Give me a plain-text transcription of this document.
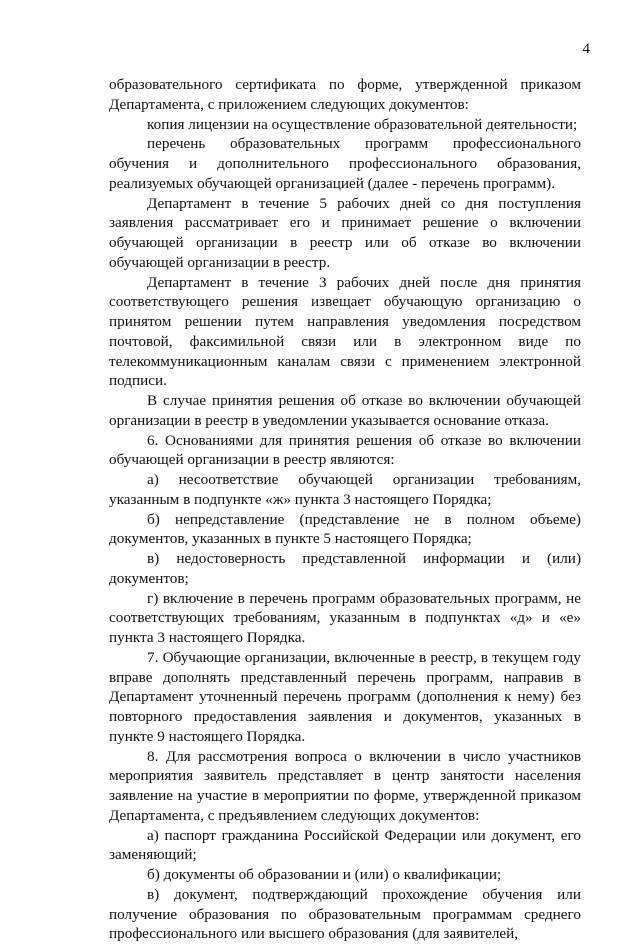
4

образовательного сертификата по форме, утвержденной приказом Департамента, с приложением следующих документов:

копия лицензии на осуществление образовательной деятельности;

перечень образовательных программ профессионального обучения и дополнительного профессионального образования, реализуемых обучающей организацией (далее - перечень программ).

Департамент в течение 5 рабочих дней со дня поступления заявления рассматривает его и принимает решение о включении обучающей организации в реестр или об отказе во включении обучающей организации в реестр.

Департамент в течение 3 рабочих дней после дня принятия соответствующего решения извещает обучающую организацию о принятом решении путем направления уведомления посредством почтовой, факсимильной связи или в электронном виде по телекоммуникационным каналам связи с применением электронной подписи.

В случае принятия решения об отказе во включении обучающей организации в реестр в уведомлении указывается основание отказа.

6. Основаниями для принятия решения об отказе во включении обучающей организации в реестр являются:

а) несоответствие обучающей организации требованиям, указанным в подпункте «ж» пункта 3 настоящего Порядка;

б) непредставление (представление не в полном объеме) документов, указанных в пункте 5 настоящего Порядка;

в) недостоверность представленной информации и (или) документов;

г) включение в перечень программ образовательных программ, не соответствующих требованиям, указанным в подпунктах «д» и «е» пункта 3 настоящего Порядка.

7. Обучающие организации, включенные в реестр, в текущем году вправе дополнять представленный перечень программ, направив в Департамент уточненный перечень программ (дополнения к нему) без повторного предоставления заявления и документов, указанных в пункте 9 настоящего Порядка.

8. Для рассмотрения вопроса о включении в число участников мероприятия заявитель представляет в центр занятости населения заявление на участие в мероприятии по форме, утвержденной приказом Департамента, с предъявлением следующих документов:

а) паспорт гражданина Российской Федерации или документ, его заменяющий;

б) документы об образовании и (или) о квалификации;

в) документ, подтверждающий прохождение обучения или получение образования по образовательным программам среднего профессионального или высшего образования (для заявителей,
